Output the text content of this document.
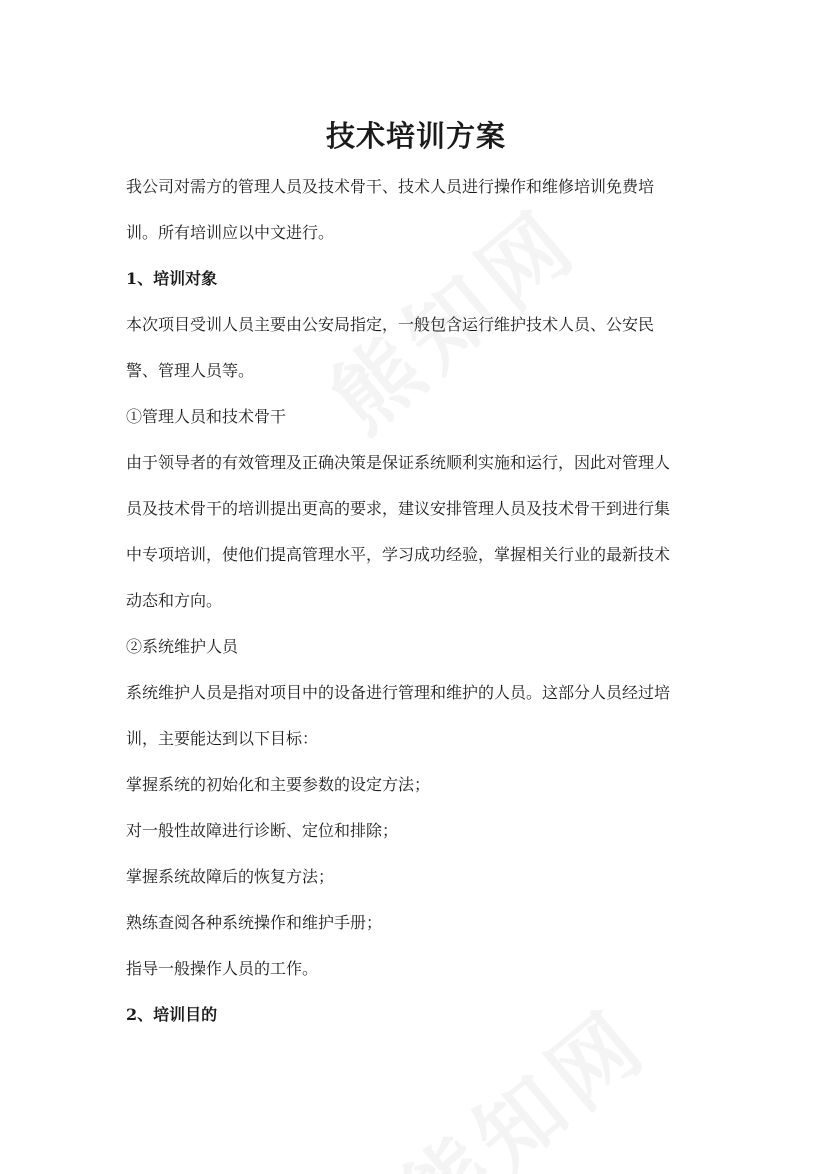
技术培训方案

我公司对需方的管理人员及技术骨干、技术人员进行操作和维修培训免费培

训。所有培训应以中文进行。

1、培训对象

本次项目受训人员主要由公安局指定，一般包含运行维护技术人员、公安民

警、管理人员等。

①管理人员和技术骨干

由于领导者的有效管理及正确决策是保证系统顺利实施和运行，因此对管理人

员及技术骨干的培训提出更高的要求，建议安排管理人员及技术骨干到进行集

中专项培训，使他们提高管理水平，学习成功经验，掌握相关行业的最新技术

动态和方向。

②系统维护人员

系统维护人员是指对项目中的设备进行管理和维护的人员。这部分人员经过培

训，主要能达到以下目标：

掌握系统的初始化和主要参数的设定方法；

对一般性故障进行诊断、定位和排除；

掌握系统故障后的恢复方法；

熟练查阅各种系统操作和维护手册；

指导一般操作人员的工作。

2、培训目的
